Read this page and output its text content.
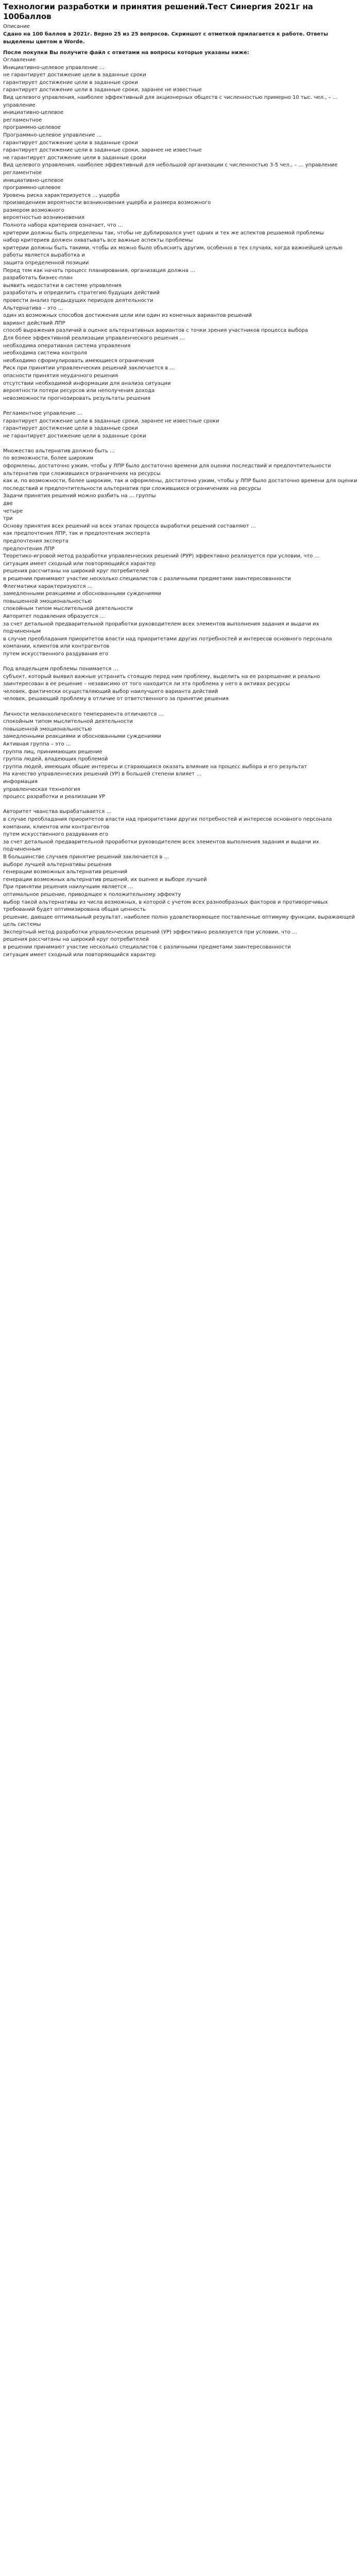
Технологии разработки и принятия решений.Тест Синергия 2021г на 100баллов

Описание

Сдано на 100 баллов в 2021г. Верно 25 из 25 вопросов. Скриншот с отметкой прилагается к работе. Ответы выделены цветом в Worde.

После покупки Вы получите файл с ответами на вопросы которые указаны ниже:

Оглавление

Инициативно-целевое управление …

не гарантирует достижение цели в заданные сроки

гарантирует достижение цели в заданные сроки

гарантирует достижение цели в заданные сроки, заранее не известные

Вид целевого управления, наиболее эффективный для акционерных обществ с численностью примерно 10 тыс. чел., – …

управление

инициативно-целевое

регламентное

программно-целевое

Программно-целевое управление …

гарантирует достижение цели в заданные сроки

гарантирует достижение цели в заданные сроки, заранее не известные

не гарантирует достижение цели в заданные сроки

Вид целевого управления, наиболее эффективный для небольшой организации с численностью 3-5 чел., – … управление

регламентное

инициативно-целевое

программно-целевое

Уровень риска характеризуется … ущерба

произведением вероятности возникновения ущерба и размера возможного

размером возможного

вероятностью возникновения

Полнота набора критериев означает, что …

критерии должны быть определены так, чтобы не дублировался учет одних и тех же аспектов решаемой проблемы

набор критериев должен охватывать все важные аспекты проблемы

критерии должны быть такими, чтобы их можно было объяснить другим, особенно в тех случаях, когда важнейшей целью работы является выработка и

защита определенной позиции

Перед тем как начать процесс планирования, организация должна …

разработать бизнес-план

выявить недостатки в системе управления

разработать и определить стратегию будущих действий

провести анализ предыдущих периодов деятельности

Альтернатива – это …

один из возможных способов достижения цели или один из конечных вариантов решений

вариант действий ЛПР

способ выражения различий в оценке альтернативных вариантов с точки зрения участников процесса выбора

Для более эффективной реализации управленческого решения …

необходима оперативная система управления

необходима система контроля

необходимо сформулировать имеющиеся ограничения

Риск при принятии управленческих решений заключается в …

опасности принятия неудачного решения

отсутствии необходимой информации для анализа ситуации

вероятности потери ресурсов или неполучения дохода

невозможности прогнозировать результаты решения

Регламентное управление …

гарантирует достижение цели в заданные сроки, заранее не известные сроки

гарантирует достижение цели в заданные сроки

не гарантирует достижение цели в заданные сроки

Множество альтернатив должно быть …

по возможности, более широким

оформлены, достаточно узким, чтобы у ЛПР было достаточно времени для оценки последствий и предпочтительности альтернатив при сложившихся ограничениях на ресурсы

как и, по возможности, более широким, так и оформлены, достаточно узким, чтобы у ЛПР было достаточно времени для оценки последствий и предпочтительности альтернатив при сложившихся ограничениях на ресурсы

Задачи принятия решений можно разбить на … группы

две

четыре

три

Основу принятия всех решений на всех этапах процесса выработки решений составляют …

как предпочтения ЛПР, так и предпочтения эксперта

предпочтения эксперта

предпочтения ЛПР

Теоретико-игровой метод разработки управленческих решений (РУР) эффективно реализуется при условии, что …

ситуация имеет сходный или повторяющийся характер

решения рассчитаны на широкий круг потребителей

в решении принимают участие несколько специалистов с различными предметами заинтересованности

Флегматики характеризуются …

замедленными реакциями и обоснованными суждениями

повышенной эмоциональностью

спокойным типом мыслительной деятельности

Авторитет подавления образуется …

за счет детальной предварительной проработки руководителем всех элементов выполнения задания и выдачи их подчиненным

в случае преобладания приоритетов власти над приоритетами других потребностей и интересов основного персонала компании, клиентов или контрагентов

путем искусственного раздувания его

Под владельцем проблемы понимается …

субъект, который выявил важные устранить стоящую перед ним проблему, выделить на ее разрешение и реально заинтересован в ее решение – независимо от того находится ли эта проблема у него в активах ресурсы

человек, фактически осуществляющий выбор наилучшего варианта действий

человек, решающий проблему в отличие от ответственного за принятие решения

Личности меланхолического темперамента отличаются …

спокойным типом мыслительной деятельности

повышенной эмоциональностью

замедленными реакциями и обоснованными суждениями

Активная группа – это …

группа лиц, принимающих решение

группа людей, владеющих проблемой

группа людей, имеющих общие интересы и старающихся оказать влияние на процесс выбора и его результат

На качество управленческих решений (УР) в большей степени влияет …

информация

управленческая технология

процесс разработки и реализации УР

Авторитет чванства вырабатывается …

в случае преобладания приоритетов власти над приоритетами других потребностей и интересов основного персонала компании, клиентов или контрагентов

путем искусственного раздувания его

за счет детальной предварительной проработки руководителем всех элементов выполнения задания и выдачи их подчиненным

В большинстве случаев принятие решений заключается в …

выборе лучшей альтернативы решения

генерации возможных альтернатив решений

генерации возможных альтернатив решений, их оценке и выборе лучшей

При принятии решения наилучшим является …

оптимальное решение, приводящее к положительному эффекту

выбор такой альтернативы из числа возможных, в которой с учетом всех разнообразных факторов и противоречивых требований будет оптимизирована общая ценность

решение, дающее оптимальный результат, наиболее полно удовлетворяющее поставленные оптимуму функции, выражающей цель системы

Экспертный метод разработки управленческих решений (УР) эффективно реализуется при условии, что …

решения рассчитаны на широкий круг потребителей

в решении принимают участие несколько специалистов с различными предметами заинтересованности

ситуация имеет сходный или повторяющийся характер
